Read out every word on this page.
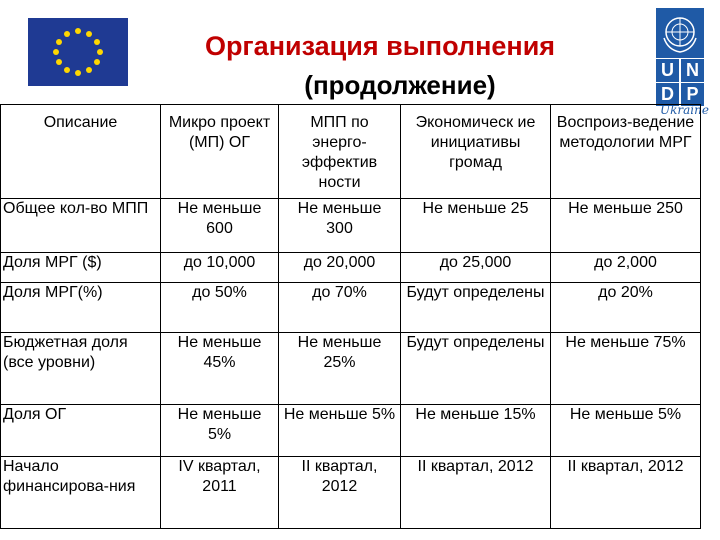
Организация выполнения
(продолжение)	U N
D P
Ukraine
Описание	Микро проект (МП) ОГ	МПП по энерго-эффектив ности	Экономическ ие инициативы громад	Воспроиз-ведение методологии МРГ
Общее кол-во МПП	Не меньше 600	Не меньше 300	Не меньше 25	Не меньше 250
Доля МРГ ($)	до 10,000	до 20,000	до 25,000	до 2,000
Доля МРГ(%)	до 50%	до 70%	Будут определены	до 20%
Бюджетная доля (все уровни)	Не меньше 45%	Не меньше 25%	Будут определены	Не меньше 75%
Доля ОГ	Не меньше 5%	Не меньше 5%	Не меньше 15%	Не меньше 5%
Начало финансирова-ния	IV квартал, 2011	II квартал, 2012	II квартал, 2012	II квартал, 2012
